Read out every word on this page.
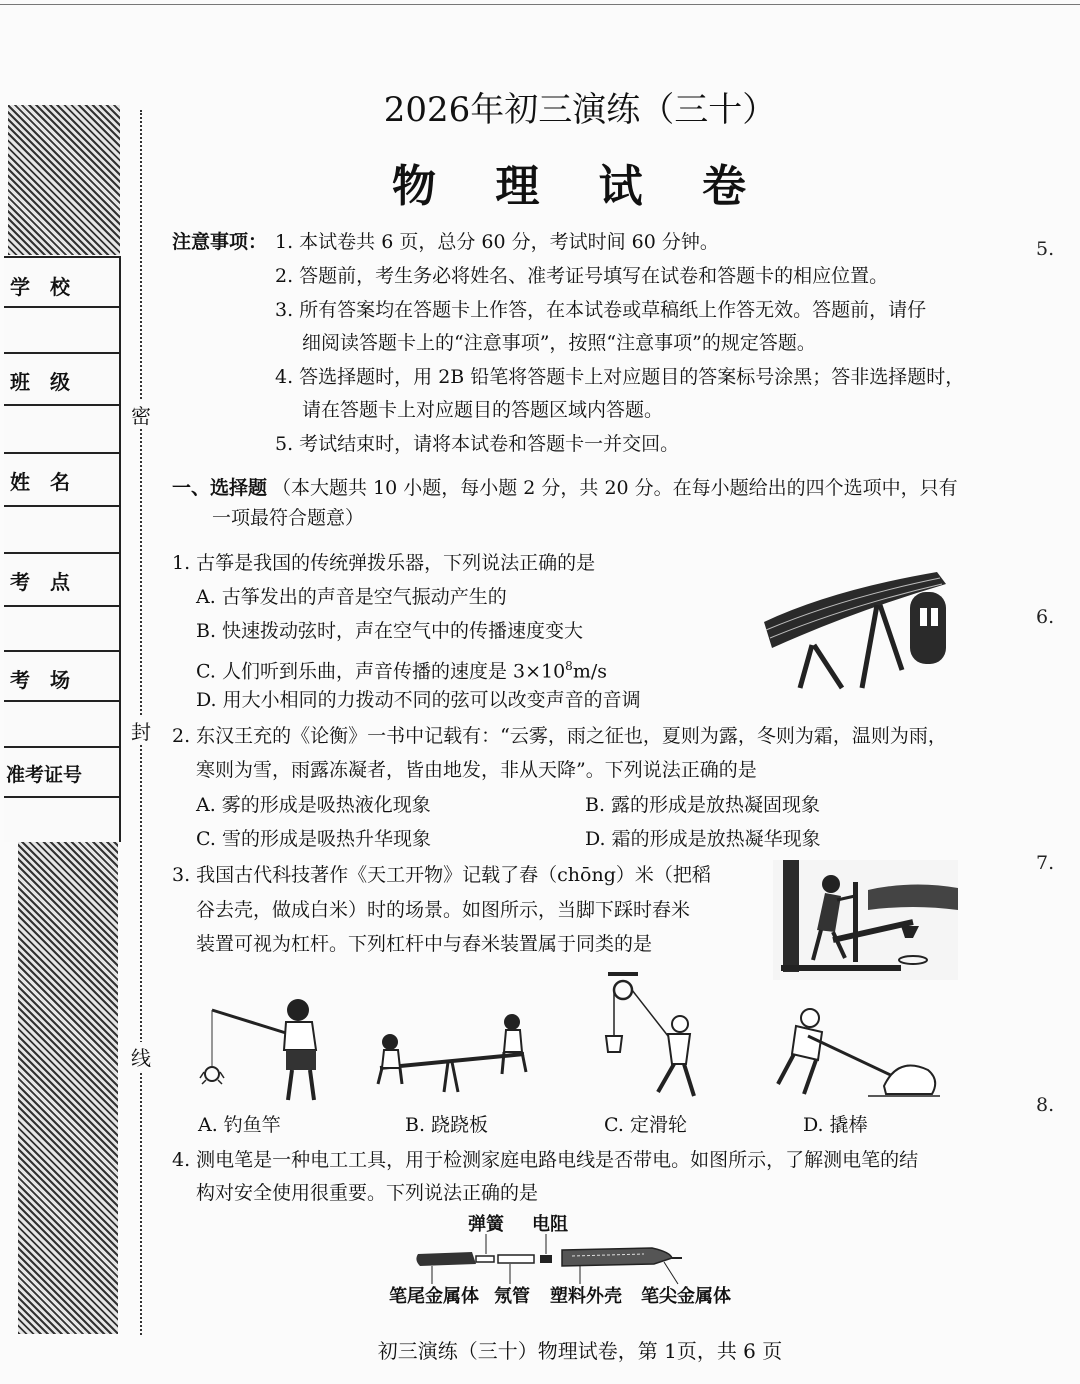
学　校
班　级
姓　名
考　点
考　场
准考证号
密
封
线
5.
6.
7.
8.
2026年初三演练（三十）
物 理 试 卷
注意事项： 1. 本试卷共 6 页，总分 60 分，考试时间 60 分钟。
2. 答题前，考生务必将姓名、准考证号填写在试卷和答题卡的相应位置。
3. 所有答案均在答题卡上作答，在本试卷或草稿纸上作答无效。答题前，请仔
细阅读答题卡上的“注意事项”，按照“注意事项”的规定答题。
4. 答选择题时，用 2B 铅笔将答题卡上对应题目的答案标号涂黑；答非选择题时，
请在答题卡上对应题目的答题区域内答题。
5. 考试结束时，请将本试卷和答题卡一并交回。
一、选择题 （本大题共 10 小题，每小题 2 分，共 20 分。在每小题给出的四个选项中，只有
一项最符合题意）
1. 古筝是我国的传统弹拨乐器，下列说法正确的是
A. 古筝发出的声音是空气振动产生的
B. 快速拨动弦时，声在空气中的传播速度变大
C. 人们听到乐曲，声音传播的速度是 $3\times 10^8m/s$
D. 用大小相同的力拨动不同的弦可以改变声音的音调
2. 东汉王充的《论衡》一书中记载有：“云雾，雨之征也，夏则为露，冬则为霜，温则为雨，
寒则为雪，雨露冻凝者，皆由地发，非从天降”。下列说法正确的是
A. 雾的形成是吸热液化现象	B. 露的形成是放热凝固现象
C. 雪的形成是吸热升华现象	D. 霜的形成是放热凝华现象
3. 我国古代科技著作《天工开物》记载了舂（chōng）米（把稻
谷去壳，做成白米）时的场景。如图所示，当脚下踩时舂米
装置可视为杠杆。下列杠杆中与舂米装置属于同类的是
A. 钓鱼竿	B. 跷跷板	C. 定滑轮	D. 撬棒
4. 测电笔是一种电工工具，用于检测家庭电路电线是否带电。如图所示，了解测电笔的结
构对安全使用很重要。下列说法正确的是
弹簧 电阻
笔尾金属体 氖管 塑料外壳 笔尖金属体
初三演练（三十）物理试卷，第 1页，共 6 页
